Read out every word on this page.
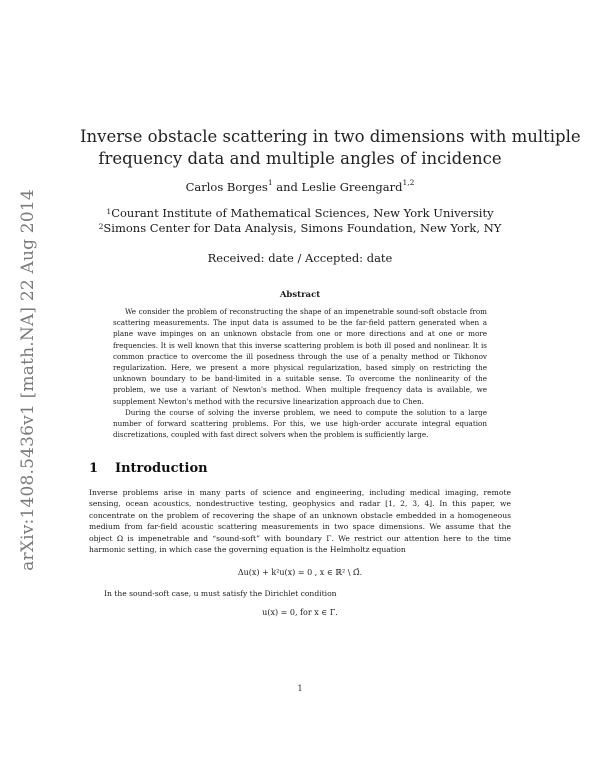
arXiv:1408.5436v1 [math.NA] 22 Aug 2014
Inverse obstacle scattering in two dimensions with multiple
frequency data and multiple angles of incidence
Carlos Borges$^1$ and Leslie Greengard$^{1,2}$
$^1$Courant Institute of Mathematical Sciences, New York University
$^2$Simons Center for Data Analysis, Simons Foundation, New York, NY
Received: date / Accepted: date
Abstract

We consider the problem of reconstructing the shape of an impenetrable sound-soft obstacle from scattering measurements. The input data is assumed to be the far-field pattern generated when a plane wave impinges on an unknown obstacle from one or more directions and at one or more frequencies. It is well known that this inverse scattering problem is both ill posed and nonlinear. It is common practice to overcome the ill posedness through the use of a penalty method or Tikhonov regularization. Here, we present a more physical regularization, based simply on restricting the unknown boundary to be band-limited in a suitable sense. To overcome the nonlinearity of the problem, we use a variant of Newton's method. When multiple frequency data is available, we supplement Newton's method with the recursive linearization approach due to Chen.

During the course of solving the inverse problem, we need to compute the solution to a large number of forward scattering problems. For this, we use high-order accurate integral equation discretizations, coupled with fast direct solvers when the problem is sufficiently large.

1 Introduction

Inverse problems arise in many parts of science and engineering, including medical imaging, remote sensing, ocean acoustics, nondestructive testing, geophysics and radar [1, 2, 3, 4]. In this paper, we concentrate on the problem of recovering the shape of an unknown obstacle embedded in a homogeneous medium from far-field acoustic scattering measurements in two space dimensions. We assume that the object Ω is impenetrable and “sound-soft” with boundary Γ. We restrict our attention here to the time harmonic setting, in which case the governing equation is the Helmholtz equation

Δu(x) + k²u(x) = 0 , x ∈ ℝ² \ Ω̄.
In the sound-soft case, u must satisfy the Dirichlet condition
u(x) = 0, for x ∈ Γ.
1
